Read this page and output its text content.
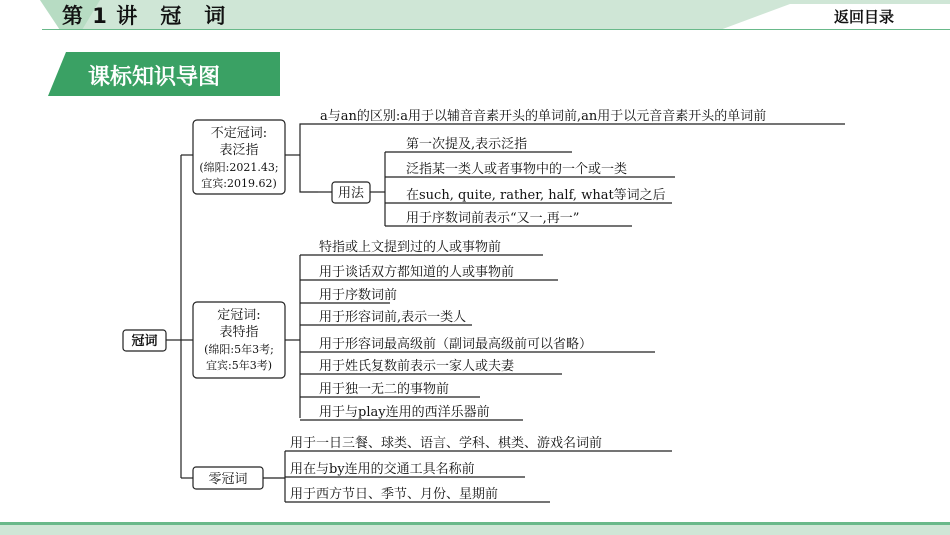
第 1 讲　冠　词	返回目录
课标知识导图
冠词
不定冠词:
表泛指
(绵阳:2021.43;
宜宾:2019.62)
a与an的区别:a用于以辅音音素开头的单词前,an用于以元音音素开头的单词前
用法
第一次提及,表示泛指
泛指某一类人或者事物中的一个或一类
在such, quite, rather, half, what等词之后
用于序数词前表示“又一,再一”
定冠词:
表特指
(绵阳:5年3考;
宜宾:5年3考)
特指或上文提到过的人或事物前
用于谈话双方都知道的人或事物前
用于序数词前
用于形容词前,表示一类人
用于形容词最高级前（副词最高级前可以省略）
用于姓氏复数前表示一家人或夫妻
用于独一无二的事物前
用于与play连用的西洋乐器前
零冠词
用于一日三餐、球类、语言、学科、棋类、游戏名词前
用在与by连用的交通工具名称前
用于西方节日、季节、月份、星期前
